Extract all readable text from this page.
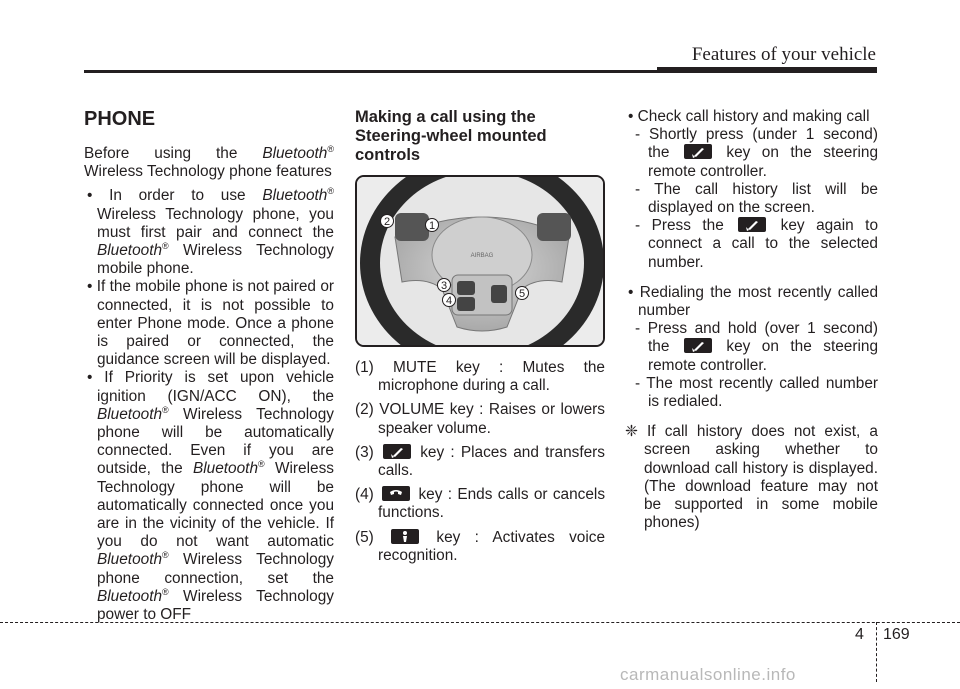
Features of your vehicle
PHONE

Before using the Bluetooth® Wireless Technology phone features

• In order to use Bluetooth® Wireless Technology phone, you must first pair and connect the Bluetooth® Wireless Technology mobile phone.

• If the mobile phone is not paired or connected, it is not possible to enter Phone mode. Once a phone is paired or connected, the guidance screen will be displayed.

• If Priority is set upon vehicle ignition (IGN/ACC ON), the Bluetooth® Wireless Technology phone will be automatically connected. Even if you are outside, the Bluetooth® Wireless Technology phone will be automatically connected once you are in the vicinity of the vehicle. If you do not want automatic Bluetooth® Wireless Technology phone connection, set the Bluetooth® Wireless Technology power to OFF

Making a call using the Steering-wheel mounted controls
AIRBAG
2	1
3
4
5

(1) MUTE key : Mutes the microphone during a call.

(2) VOLUME key : Raises or lowers speaker volume.

(3)	key : Places and transfers calls.

(4)	key : Ends calls or cancels functions.

(5)	key : Activates voice recognition.

• Check call history and making call

- Shortly press (under 1 second) the	key on the steering remote controller.

- The call history list will be displayed on the screen.

- Press the	key again to connect a call to the selected number.

• Redialing the most recently called number

- Press and hold (over 1 second) the	key on the steering remote controller.

- The most recently called number is redialed.

❈ If call history does not exist, a screen asking whether to download call history is displayed. (The download feature may not be supported in some mobile phones)

4 169
carmanualsonline.info
